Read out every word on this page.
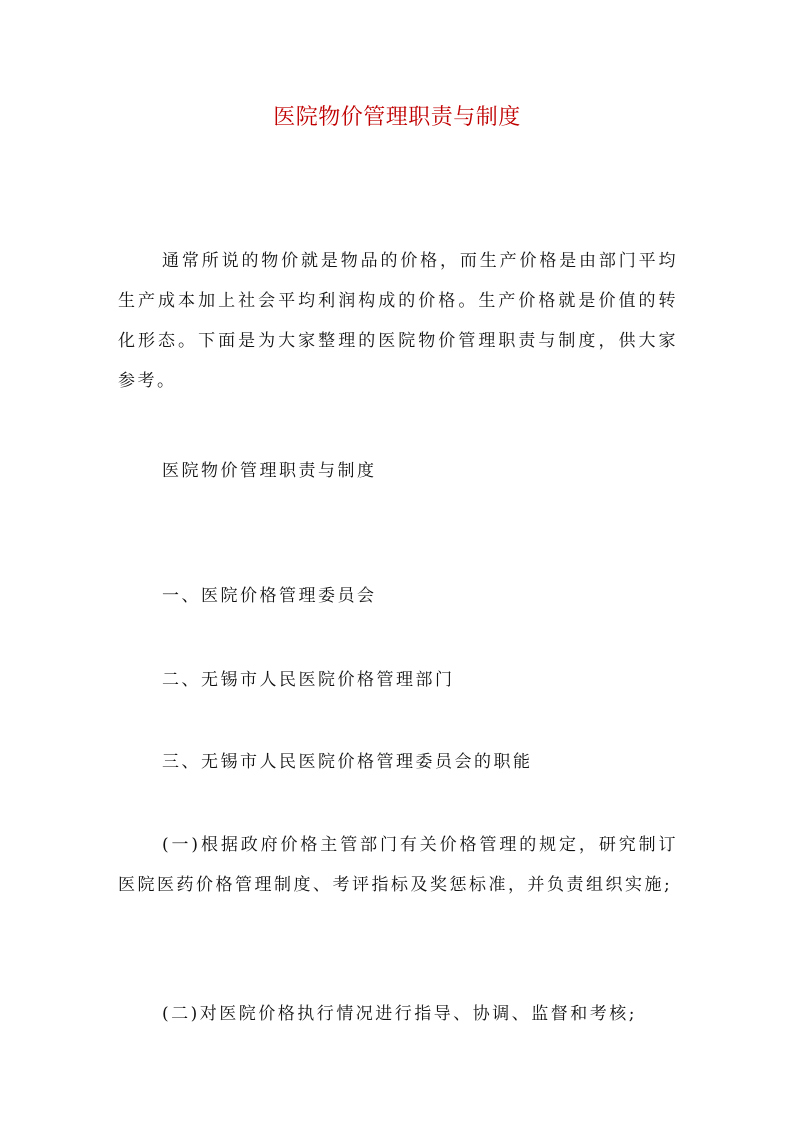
医院物价管理职责与制度

通常所说的物价就是物品的价格，而生产价格是由部门平均生产成本加上社会平均利润构成的价格。生产价格就是价值的转化形态。下面是为大家整理的医院物价管理职责与制度，供大家参考。

医院物价管理职责与制度

一、医院价格管理委员会

二、无锡市人民医院价格管理部门

三、无锡市人民医院价格管理委员会的职能

(一)根据政府价格主管部门有关价格管理的规定，研究制订医院医药价格管理制度、考评指标及奖惩标准，并负责组织实施;

(二)对医院价格执行情况进行指导、协调、监督和考核;
